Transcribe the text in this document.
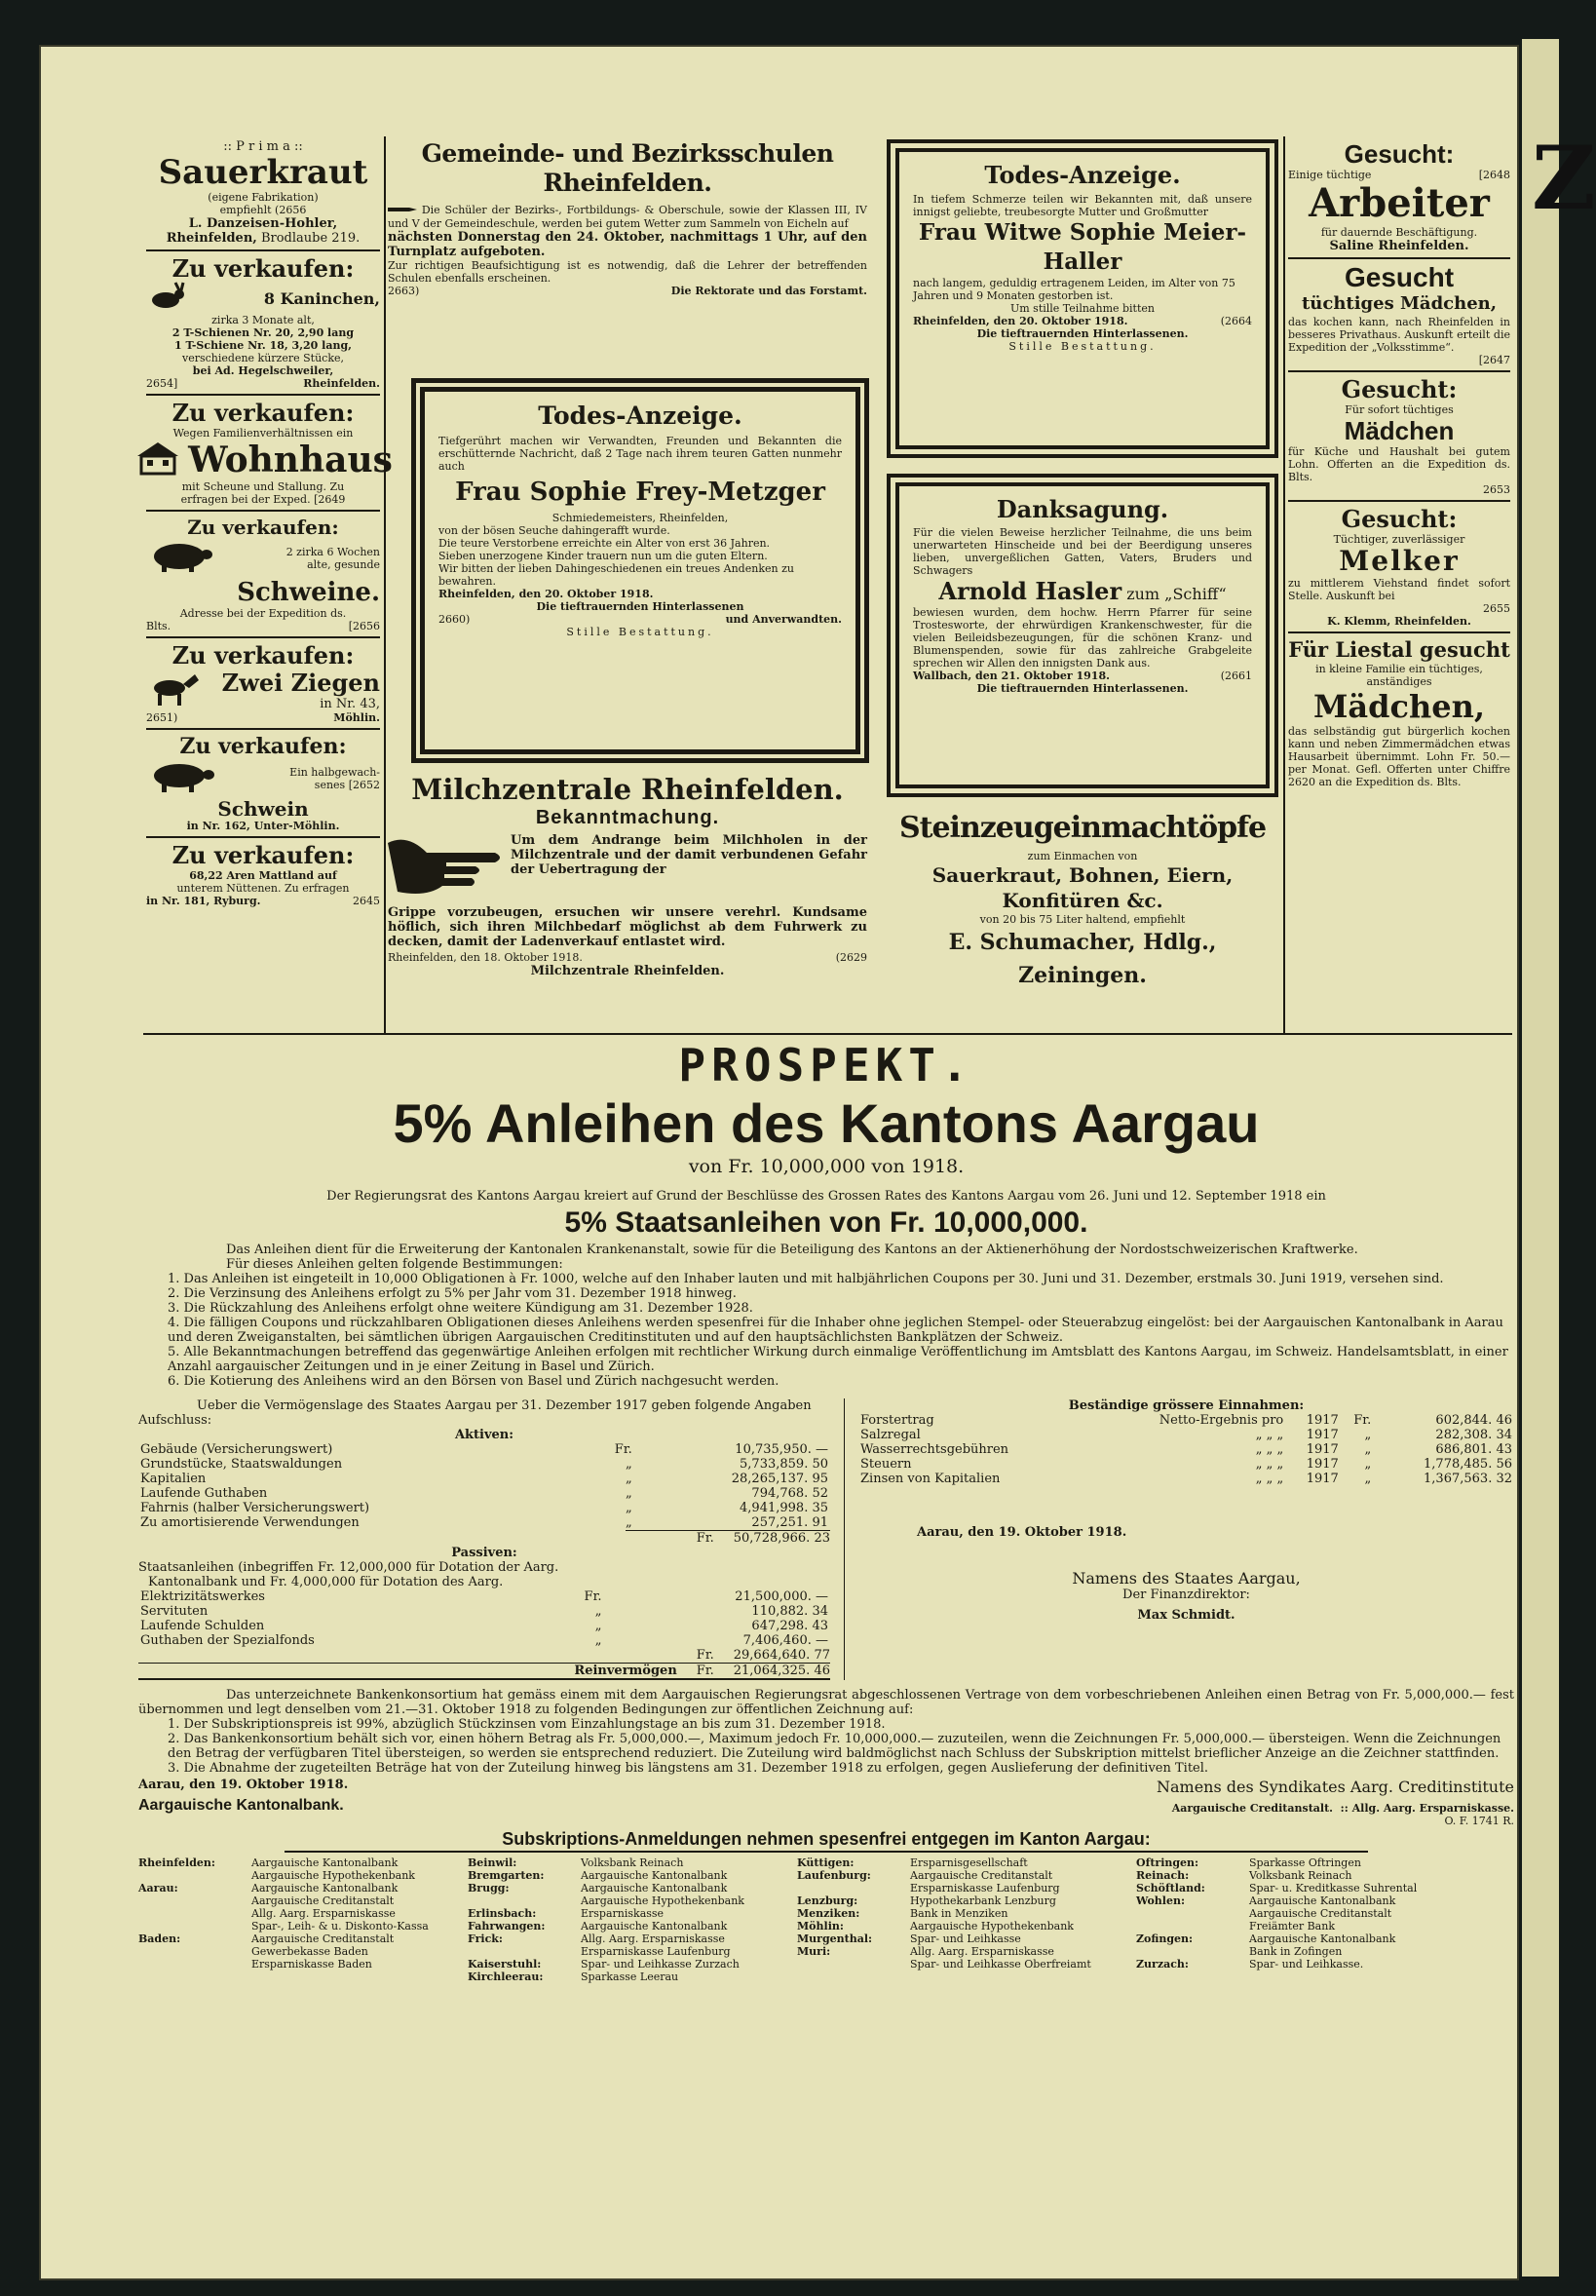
Z
:: P r i m a ::
Sauerkraut
(eigene Fabrikation)
empfiehlt (2656
L. Danzeisen-Hohler,
Rheinfelden, Brodlaube 219.
Zu verkaufen:
8 Kaninchen,
zirka 3 Monate alt,
2 T-Schienen Nr. 20, 2,90 lang
1 T-Schiene Nr. 18, 3,20 lang,
verschiedene kürzere Stücke,
bei Ad. Hegelschweiler,
2654]	Rheinfelden.
Zu verkaufen:
Wegen Familienverhältnissen ein
Wohnhaus
mit Scheune und Stallung. Zu
erfragen bei der Exped. [2649
Zu verkaufen:
2 zirka 6 Wochen
alte, gesunde
Schweine.
Adresse bei der Expedition ds.
Blts.	[2656
Zu verkaufen:
Zwei Ziegen
in Nr. 43,
2651)	Möhlin.
Zu verkaufen:
Ein halbgewach-
senes [2652
Schwein
in Nr. 162, Unter-Möhlin.
Zu verkaufen:
68,22 Aren Mattland auf
unterem Nüttenen. Zu erfragen
in Nr. 181, Ryburg.	2645
Gemeinde- und Bezirksschulen Rheinfelden.
Die Schüler der Bezirks-, Fortbildungs- & Oberschule, sowie der Klassen III, IV und V der Gemeindeschule, werden bei gutem Wetter zum Sammeln von Eicheln auf
nächsten Donnerstag den 24. Oktober, nachmittags 1 Uhr, auf den Turnplatz aufgeboten.
Zur richtigen Beaufsichtigung ist es notwendig, daß die Lehrer der betreffenden Schulen ebenfalls erscheinen.
2663)	Die Rektorate und das Forstamt.
Todes-Anzeige.
Tiefgerührt machen wir Verwandten, Freunden und Bekannten die erschütternde Nachricht, daß 2 Tage nach ihrem teuren Gatten nunmehr auch
Frau Sophie Frey-Metzger
Schmiedemeisters, Rheinfelden,
von der bösen Seuche dahingerafft wurde.
Die teure Verstorbene erreichte ein Alter von erst 36 Jahren.
Sieben unerzogene Kinder trauern nun um die guten Eltern.
Wir bitten der lieben Dahingeschiedenen ein treues Andenken zu bewahren.
Rheinfelden, den 20. Oktober 1918.
Die tieftrauernden Hinterlassenen
2660)	und Anverwandten.
Stille Bestattung.
Milchzentrale Rheinfelden.
Bekanntmachung.
Um dem Andrange beim Milchholen in der Milchzentrale und der damit verbundenen Gefahr der Uebertragung der
Grippe vorzubeugen, ersuchen wir unsere verehrl. Kundsame höflich, sich ihren Milchbedarf möglichst ab dem Fuhrwerk zu decken, damit der Ladenverkauf entlastet wird.
Rheinfelden, den 18. Oktober 1918.	(2629
Milchzentrale Rheinfelden.
Todes-Anzeige.
In tiefem Schmerze teilen wir Bekannten mit, daß unsere innigst geliebte, treubesorgte Mutter und Großmutter
Frau Witwe Sophie Meier-Haller
nach langem, geduldig ertragenem Leiden, im Alter von 75 Jahren und 9 Monaten gestorben ist.
Um stille Teilnahme bitten
Rheinfelden, den 20. Oktober 1918.	(2664
Die tieftrauernden Hinterlassenen.
Stille Bestattung.
Danksagung.
Für die vielen Beweise herzlicher Teilnahme, die uns beim unerwarteten Hinscheide und bei der Beerdigung unseres lieben, unvergeßlichen Gatten, Vaters, Bruders und Schwagers
Arnold Hasler zum „Schiff“
bewiesen wurden, dem hochw. Herrn Pfarrer für seine Trostesworte, der ehrwürdigen Krankenschwester, für die vielen Beileidsbezeugungen, für die schönen Kranz- und Blumenspenden, sowie für das zahlreiche Grabgeleite sprechen wir Allen den innigsten Dank aus.
Wallbach, den 21. Oktober 1918.	(2661
Die tieftrauernden Hinterlassenen.
Steinzeugeinmachtöpfe
zum Einmachen von
Sauerkraut, Bohnen, Eiern,
Konfitüren &c.
von 20 bis 75 Liter haltend, empfiehlt
E. Schumacher, Hdlg., Zeiningen.
Gesucht:
Einige tüchtige	[2648
Arbeiter
für dauernde Beschäftigung.
Saline Rheinfelden.
Gesucht
tüchtiges Mädchen,
das kochen kann, nach Rheinfelden in besseres Privathaus. Auskunft erteilt die Expedition der „Volksstimme“.
[2647
Gesucht:
Für sofort tüchtiges
Mädchen
für Küche und Haushalt bei gutem Lohn. Offerten an die Expedition ds. Blts.
2653
Gesucht:
Tüchtiger, zuverlässiger
Melker
zu mittlerem Viehstand findet sofort Stelle. Auskunft bei
2655
K. Klemm, Rheinfelden.
Für Liestal gesucht
in kleine Familie ein tüchtiges, anständiges
Mädchen,
das selbständig gut bürgerlich kochen kann und neben Zimmermädchen etwas Hausarbeit übernimmt. Lohn Fr. 50.— per Monat. Gefl. Offerten unter Chiffre 2620 an die Expedition ds. Blts.
PROSPEKT.
5% Anleihen des Kantons Aargau
von Fr. 10,000,000 von 1918.
Der Regierungsrat des Kantons Aargau kreiert auf Grund der Beschlüsse des Grossen Rates des Kantons Aargau vom 26. Juni und 12. September 1918 ein
5% Staatsanleihen von Fr. 10,000,000.
Das Anleihen dient für die Erweiterung der Kantonalen Krankenanstalt, sowie für die Beteiligung des Kantons an der Aktienerhöhung der Nordostschweizerischen Kraftwerke.
Für dieses Anleihen gelten folgende Bestimmungen:
1. Das Anleihen ist eingeteilt in 10,000 Obligationen à Fr. 1000, welche auf den Inhaber lauten und mit halbjährlichen Coupons per 30. Juni und 31. Dezember, erstmals 30. Juni 1919, versehen sind.
2. Die Verzinsung des Anleihens erfolgt zu 5% per Jahr vom 31. Dezember 1918 hinweg.
3. Die Rückzahlung des Anleihens erfolgt ohne weitere Kündigung am 31. Dezember 1928.
4. Die fälligen Coupons und rückzahlbaren Obligationen dieses Anleihens werden spesenfrei für die Inhaber ohne jeglichen Stempel- oder Steuerabzug eingelöst: bei der Aargauischen Kantonalbank in Aarau und deren Zweiganstalten, bei sämtlichen übrigen Aargauischen Creditinstituten und auf den hauptsächlichsten Bankplätzen der Schweiz.
5. Alle Bekanntmachungen betreffend das gegenwärtige Anleihen erfolgen mit rechtlicher Wirkung durch einmalige Veröffentlichung im Amtsblatt des Kantons Aargau, im Schweiz. Handelsamtsblatt, in einer Anzahl aargauischer Zeitungen und in je einer Zeitung in Basel und Zürich.
6. Die Kotierung des Anleihens wird an den Börsen von Basel und Zürich nachgesucht werden.
Ueber die Vermögenslage des Staates Aargau per 31. Dezember 1917 geben folgende Angaben Aufschluss:
Aktiven:
Gebäude (Versicherungswert)	Fr.	10,735,950. —
Grundstücke, Staatswaldungen	„	5,733,859. 50
Kapitalien	„	28,265,137. 95
Laufende Guthaben	„	794,768. 52
Fahrnis (halber Versicherungswert)	„	4,941,998. 35
Zu amortisierende Verwendungen	„	257,251. 91
Fr. 50,728,966. 23
Passiven:
Staatsanleihen (inbegriffen Fr. 12,000,000 für Dotation der Aarg.
Kantonalbank und Fr. 4,000,000 für Dotation des Aarg.
Elektrizitätswerkes	Fr.	21,500,000. —
Servituten	„	110,882. 34
Laufende Schulden	„	647,298. 43
Guthaben der Spezialfonds	„	7,406,460. —
Fr. 29,664,640. 77
Reinvermögen Fr. 21,064,325. 46
Beständige grössere Einnahmen:
Forstertrag	Netto-Ergebnis pro	1917	Fr.	602,844. 46
Salzregal	„ „ „	1917	„	282,308. 34
Wasserrechtsgebühren	„ „ „	1917	„	686,801. 43
Steuern	„ „ „	1917	„	1,778,485. 56
Zinsen von Kapitalien	„ „ „	1917	„	1,367,563. 32
Aarau, den 19. Oktober 1918.
Namens des Staates Aargau,
Der Finanzdirektor:
Max Schmidt.
Das unterzeichnete Bankenkonsortium hat gemäss einem mit dem Aargauischen Regierungsrat abgeschlossenen Vertrage von dem vorbeschriebenen Anleihen einen Betrag von Fr. 5,000,000.— fest übernommen und legt denselben vom 21.—31. Oktober 1918 zu folgenden Bedingungen zur öffentlichen Zeichnung auf:
1. Der Subskriptionspreis ist 99%, abzüglich Stückzinsen vom Einzahlungstage an bis zum 31. Dezember 1918.
2. Das Bankenkonsortium behält sich vor, einen höhern Betrag als Fr. 5,000,000.—, Maximum jedoch Fr. 10,000,000.— zuzuteilen, wenn die Zeichnungen Fr. 5,000,000.— übersteigen. Wenn die Zeichnungen den Betrag der verfügbaren Titel übersteigen, so werden sie entsprechend reduziert. Die Zuteilung wird baldmöglichst nach Schluss der Subskription mittelst brieflicher Anzeige an die Zeichner stattfinden.
3. Die Abnahme der zugeteilten Beträge hat von der Zuteilung hinweg bis längstens am 31. Dezember 1918 zu erfolgen, gegen Auslieferung der definitiven Titel.
Aarau, den 19. Oktober 1918.	Namens des Syndikates Aarg. Creditinstitute
Aargauische Kantonalbank.	Aargauische Creditanstalt. :: Allg. Aarg. Ersparniskasse.
O. F. 1741 R.
Subskriptions-Anmeldungen nehmen spesenfrei entgegen im Kanton Aargau:
Rheinfelden:	Aargauische Kantonalbank
Aargauische Hypothekenbank
Aarau:	Aargauische Kantonalbank
Aargauische Creditanstalt
Allg. Aarg. Ersparniskasse
Spar-, Leih- & u. Diskonto-Kassa
Baden:	Aargauische Creditanstalt
Gewerbekasse Baden
Ersparniskasse Baden
Beinwil:	Volksbank Reinach
Bremgarten:	Aargauische Kantonalbank
Brugg:	Aargauische Kantonalbank
Aargauische Hypothekenbank
Erlinsbach:	Ersparniskasse
Fahrwangen:	Aargauische Kantonalbank
Frick:	Allg. Aarg. Ersparniskasse
Ersparniskasse Laufenburg
Kaiserstuhl:	Spar- und Leihkasse Zurzach
Kirchleerau:	Sparkasse Leerau
Küttigen:	Ersparnisgesellschaft
Laufenburg:	Aargauische Creditanstalt
Ersparniskasse Laufenburg
Lenzburg:	Hypothekarbank Lenzburg
Menziken:	Bank in Menziken
Möhlin:	Aargauische Hypothekenbank
Murgenthal:	Spar- und Leihkasse
Muri:	Allg. Aarg. Ersparniskasse
Spar- und Leihkasse Oberfreiamt
Oftringen:	Sparkasse Oftringen
Reinach:	Volksbank Reinach
Schöftland:	Spar- u. Kreditkasse Suhrental
Wohlen:	Aargauische Kantonalbank
Aargauische Creditanstalt
Freiämter Bank
Zofingen:	Aargauische Kantonalbank
Bank in Zofingen
Zurzach:	Spar- und Leihkasse.
